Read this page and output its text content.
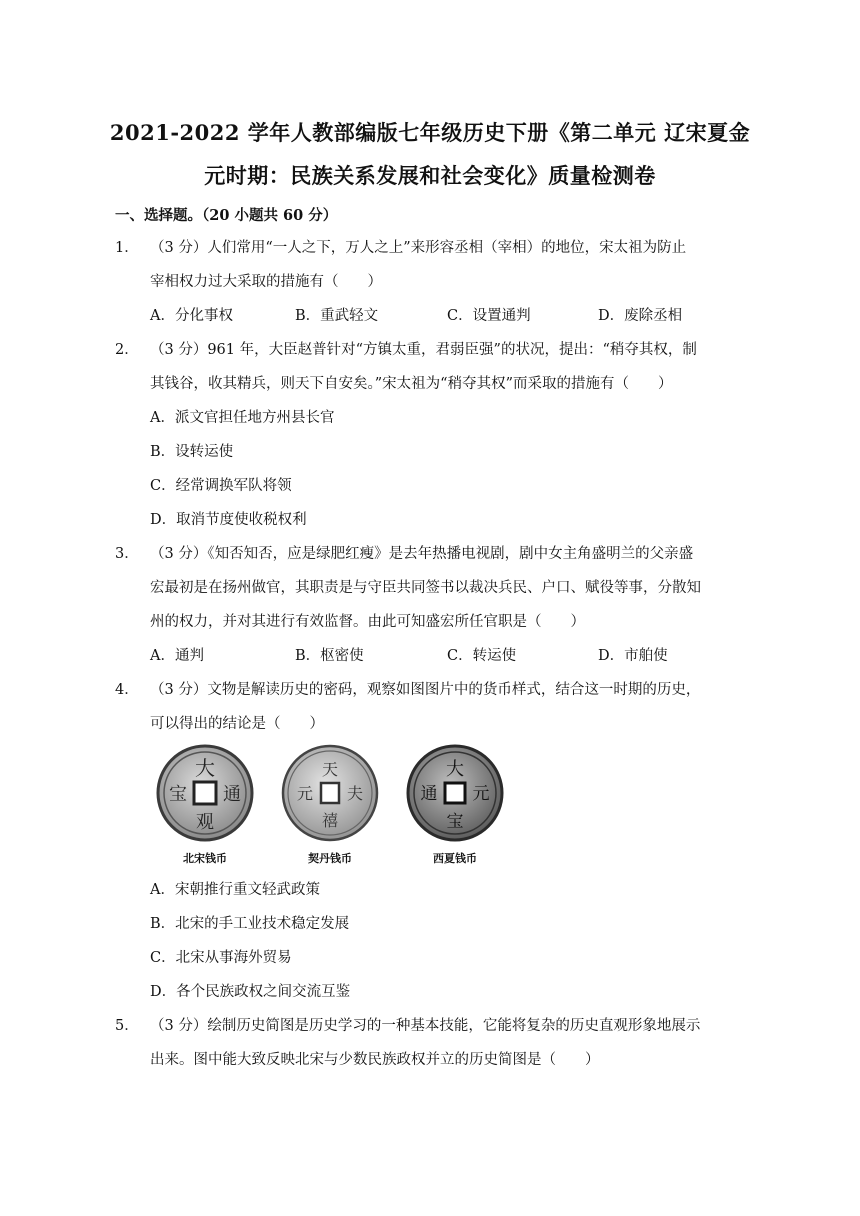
2021-2022 学年人教部编版七年级历史下册《第二单元 辽宋夏金
元时期：民族关系发展和社会变化》质量检测卷
一、选择题。（20 小题共 60 分）
1． （3 分）人们常用“一人之下，万人之上”来形容丞相（宰相）的地位，宋太祖为防止
宰相权力过大采取的措施有（　　）
A．分化事权	B．重武轻文	C．设置通判	D．废除丞相
2． （3 分）961 年，大臣赵普针对“方镇太重，君弱臣强”的状况，提出：“稍夺其权，制
其钱谷，收其精兵，则天下自安矣。”宋太祖为“稍夺其权”而采取的措施有（　　）
A．派文官担任地方州县长官
B．设转运使
C．经常调换军队将领
D．取消节度使收税权利
3． （3 分）《知否知否，应是绿肥红瘦》是去年热播电视剧，剧中女主角盛明兰的父亲盛
宏最初是在扬州做官，其职责是与守臣共同签书以裁决兵民、户口、赋役等事，分散知
州的权力，并对其进行有效监督。由此可知盛宏所任官职是（　　）
A．通判	B．枢密使	C．转运使	D．市舶使
4． （3 分）文物是解读历史的密码，观察如图图片中的货币样式，结合这一时期的历史，
可以得出的结论是（　　）
大
通
观
宝
北宋钱币
天
夫
禧
元
契丹钱币
大
元
宝
通
西夏钱币
A．宋朝推行重文轻武政策
B．北宋的手工业技术稳定发展
C．北宋从事海外贸易
D．各个民族政权之间交流互鉴
5． （3 分）绘制历史简图是历史学习的一种基本技能，它能将复杂的历史直观形象地展示
出来。图中能大致反映北宋与少数民族政权并立的历史简图是（　　）
